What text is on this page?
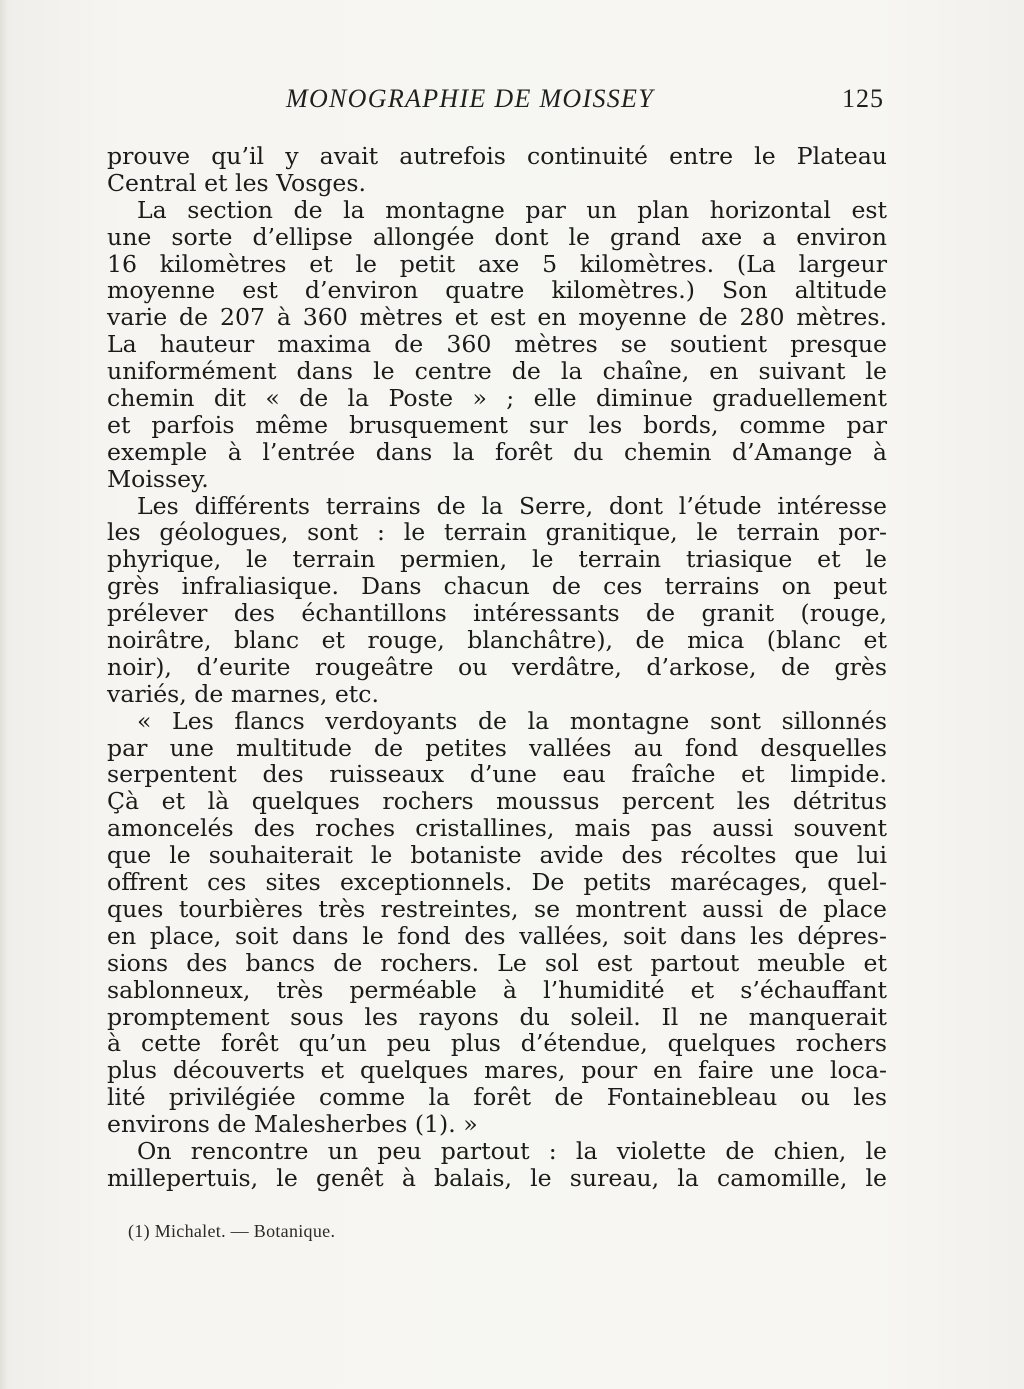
MONOGRAPHIE DE MOISSEY	125
prouve qu’il y avait autrefois continuité entre le Plateau
Central et les Vosges.
La section de la montagne par un plan horizontal est
une sorte d’ellipse allongée dont le grand axe a environ
16 kilomètres et le petit axe 5 kilomètres. (La largeur
moyenne est d’environ quatre kilomètres.) Son altitude
varie de 207 à 360 mètres et est en moyenne de 280 mètres.
La hauteur maxima de 360 mètres se soutient presque
uniformément dans le centre de la chaîne, en suivant le
chemin dit « de la Poste » ; elle diminue graduellement
et parfois même brusquement sur les bords, comme par
exemple à l’entrée dans la forêt du chemin d’Amange à
Moissey.
Les différents terrains de la Serre, dont l’étude intéresse
les géologues, sont : le terrain granitique, le terrain por-
phyrique, le terrain permien, le terrain triasique et le
grès infraliasique. Dans chacun de ces terrains on peut
prélever des échantillons intéressants de granit (rouge,
noirâtre, blanc et rouge, blanchâtre), de mica (blanc et
noir), d’eurite rougeâtre ou verdâtre, d’arkose, de grès
variés, de marnes, etc.
« Les flancs verdoyants de la montagne sont sillonnés
par une multitude de petites vallées au fond desquelles
serpentent des ruisseaux d’une eau fraîche et limpide.
Çà et là quelques rochers moussus percent les détritus
amoncelés des roches cristallines, mais pas aussi souvent
que le souhaiterait le botaniste avide des récoltes que lui
offrent ces sites exceptionnels. De petits marécages, quel-
ques tourbières très restreintes, se montrent aussi de place
en place, soit dans le fond des vallées, soit dans les dépres-
sions des bancs de rochers. Le sol est partout meuble et
sablonneux, très perméable à l’humidité et s’échauffant
promptement sous les rayons du soleil. Il ne manquerait
à cette forêt qu’un peu plus d’étendue, quelques rochers
plus découverts et quelques mares, pour en faire une loca-
lité privilégiée comme la forêt de Fontainebleau ou les
environs de Malesherbes (1). »
On rencontre un peu partout : la violette de chien, le
millepertuis, le genêt à balais, le sureau, la camomille, le
(1) Michalet. — Botanique.
